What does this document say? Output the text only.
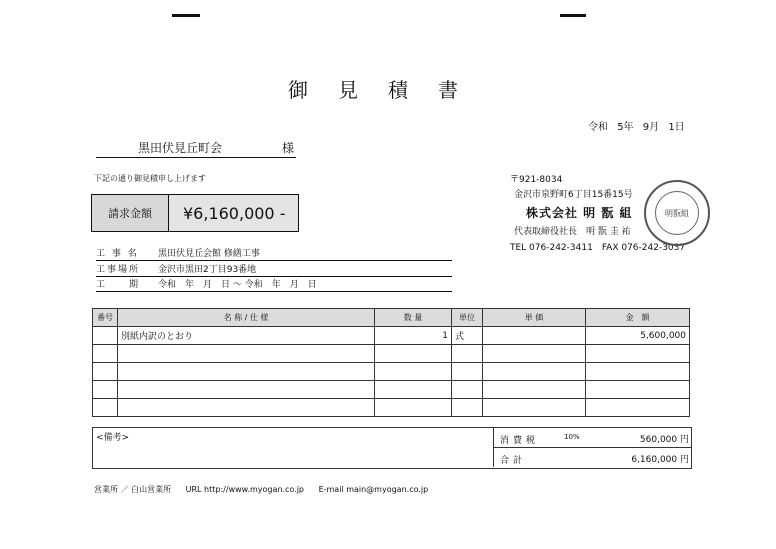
御見積書
令和 5年 9月 1日
黒田伏見丘町会	様
下記の通り御見積申し上げます
請求金額	¥6,160,000 -
〒921-8034
金沢市泉野町6丁目15番15号
株式会社 明 翫 組
代表取締役社長　明 翫 圭 祐
TEL 076-242-3411　FAX 076-242-3037
明翫組
工 事 名	黒田伏見丘会館 修繕工事
工事場所	金沢市黒田2丁目93番地
工　　期	令和　年　月　日 ～ 令和　年　月　日
番号	名 称 / 仕 様	数 量	単位	単 価	金　額
	別紙内訳のとおり	1	式		5,600,000

<備考>	消費税	10%	560,000 円
合計	6,160,000 円
営業所 ／ 白山営業所 URL http://www.myogan.co.jp E-mail main@myogan.co.jp
